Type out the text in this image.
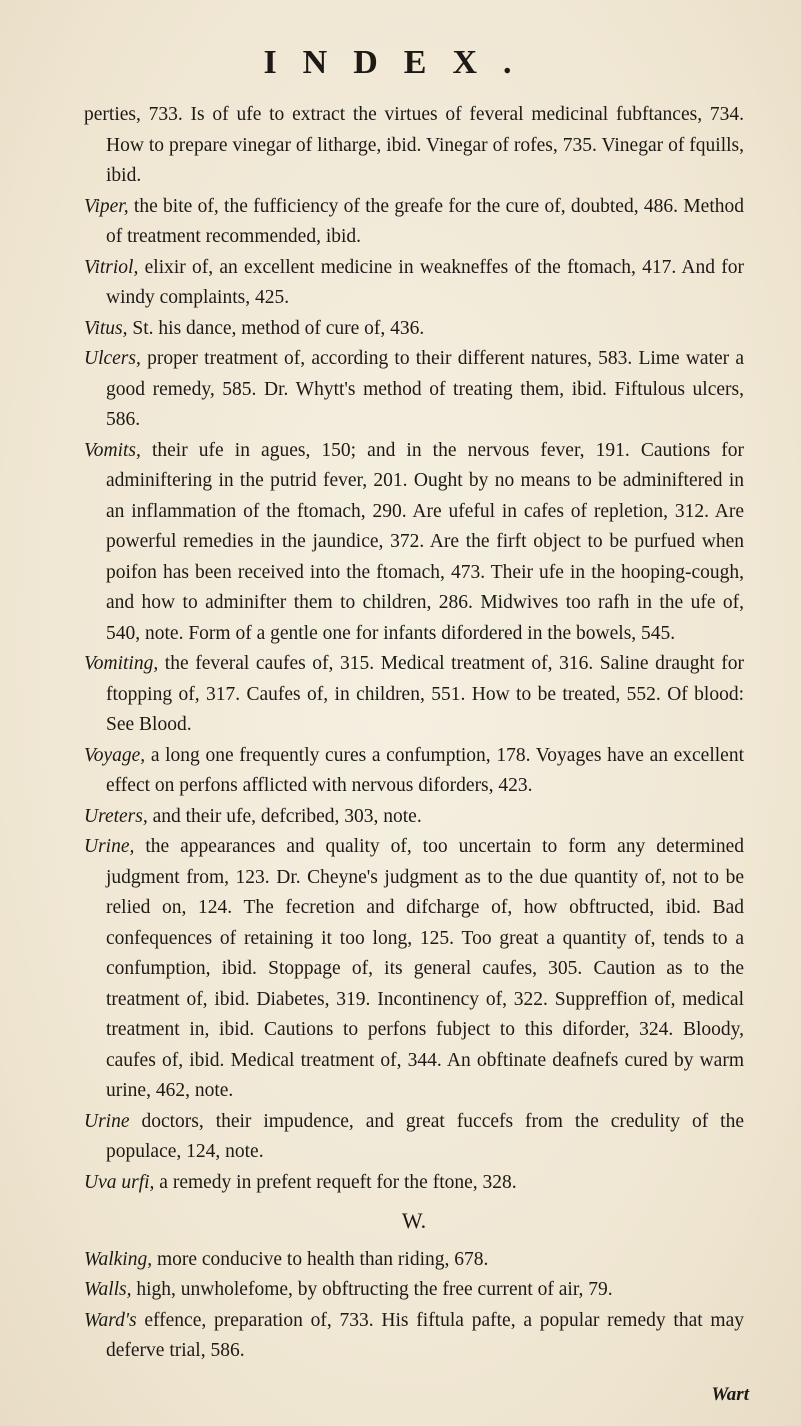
INDEX.

perties, 733. Is of ufe to extract the virtues of feveral medicinal fubftances, 734. How to prepare vinegar of litharge, ibid. Vinegar of rofes, 735. Vinegar of fquills, ibid.

Viper, the bite of, the fufficiency of the greafe for the cure of, doubted, 486. Method of treatment recommended, ibid.

Vitriol, elixir of, an excellent medicine in weakneffes of the ftomach, 417. And for windy complaints, 425.

Vitus, St. his dance, method of cure of, 436.

Ulcers, proper treatment of, according to their different natures, 583. Lime water a good remedy, 585. Dr. Whytt's method of treating them, ibid. Fiftulous ulcers, 586.

Vomits, their ufe in agues, 150; and in the nervous fever, 191. Cautions for adminiftering in the putrid fever, 201. Ought by no means to be adminiftered in an inflammation of the ftomach, 290. Are ufeful in cafes of repletion, 312. Are powerful remedies in the jaundice, 372. Are the firft object to be purfued when poifon has been received into the ftomach, 473. Their ufe in the hooping-cough, and how to adminifter them to children, 286. Midwives too rafh in the ufe of, 540, note. Form of a gentle one for infants difordered in the bowels, 545.

Vomiting, the feveral caufes of, 315. Medical treatment of, 316. Saline draught for ftopping of, 317. Caufes of, in children, 551. How to be treated, 552. Of blood: See Blood.

Voyage, a long one frequently cures a confumption, 178. Voyages have an excellent effect on perfons afflicted with nervous diforders, 423.

Ureters, and their ufe, defcribed, 303, note.

Urine, the appearances and quality of, too uncertain to form any determined judgment from, 123. Dr. Cheyne's judgment as to the due quantity of, not to be relied on, 124. The fecretion and difcharge of, how obftructed, ibid. Bad confequences of retaining it too long, 125. Too great a quantity of, tends to a confumption, ibid. Stoppage of, its general caufes, 305. Caution as to the treatment of, ibid. Diabetes, 319. Incontinency of, 322. Suppreffion of, medical treatment in, ibid. Cautions to perfons fubject to this diforder, 324. Bloody, caufes of, ibid. Medical treatment of, 344. An obftinate deafnefs cured by warm urine, 462, note.

Urine doctors, their impudence, and great fuccefs from the credulity of the populace, 124, note.

Uva urfi, a remedy in prefent requeft for the ftone, 328.

W.

Walking, more conducive to health than riding, 678.

Walls, high, unwholefome, by obftructing the free current of air, 79.

Ward's effence, preparation of, 733. His fiftula pafte, a popular remedy that may deferve trial, 586.

Wart
